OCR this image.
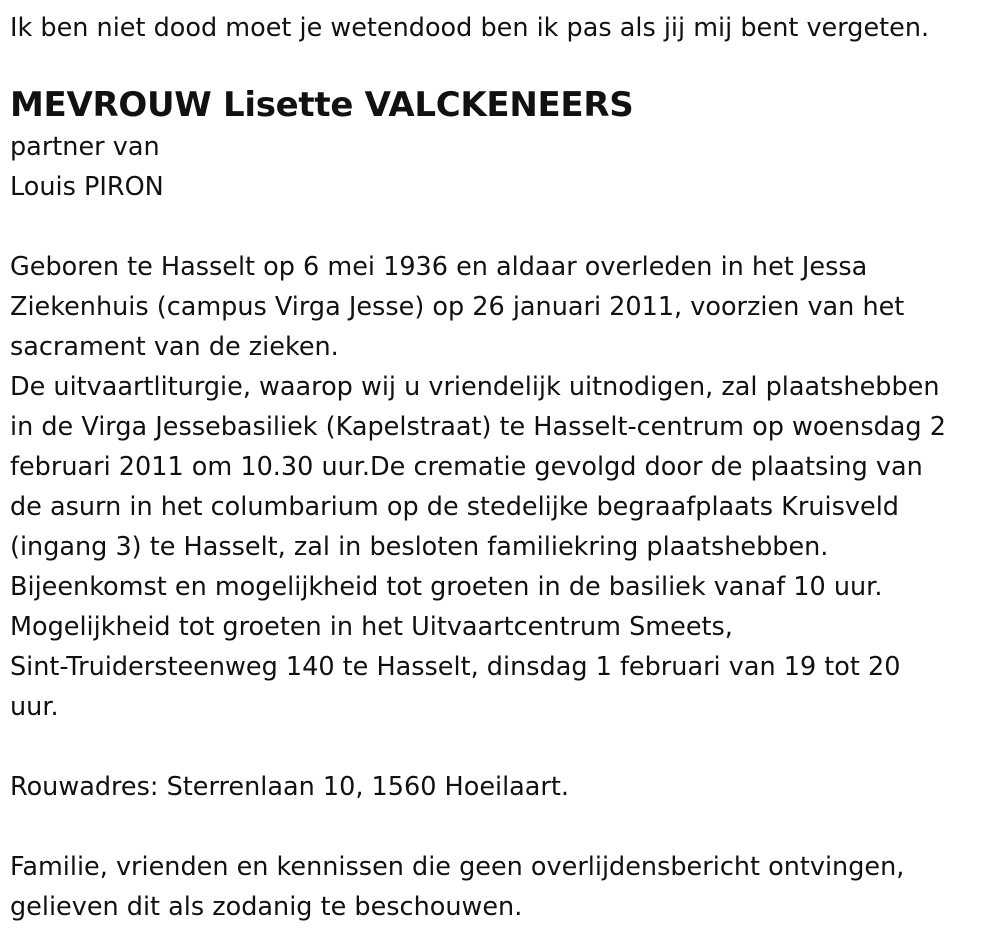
Ik ben niet dood moet je wetendood ben ik pas als jij mij bent vergeten.

MEVROUW Lisette VALCKENEERS

partner van

Louis PIRON

Geboren te Hasselt op 6 mei 1936 en aldaar overleden in het Jessa

Ziekenhuis (campus Virga Jesse) op 26 januari 2011, voorzien van het

sacrament van de zieken.

De uitvaartliturgie, waarop wij u vriendelijk uitnodigen, zal plaatshebben

in de Virga Jessebasiliek (Kapelstraat) te Hasselt-centrum op woensdag 2

februari 2011 om 10.30 uur.De crematie gevolgd door de plaatsing van

de asurn in het columbarium op de stedelijke begraafplaats Kruisveld

(ingang 3) te Hasselt, zal in besloten familiekring plaatshebben.

Bijeenkomst en mogelijkheid tot groeten in de basiliek vanaf 10 uur.

Mogelijkheid tot groeten in het Uitvaartcentrum Smeets,

Sint-Truidersteenweg 140 te Hasselt, dinsdag 1 februari van 19 tot 20

uur.

Rouwadres: Sterrenlaan 10, 1560 Hoeilaart.

Familie, vrienden en kennissen die geen overlijdensbericht ontvingen,

gelieven dit als zodanig te beschouwen.
